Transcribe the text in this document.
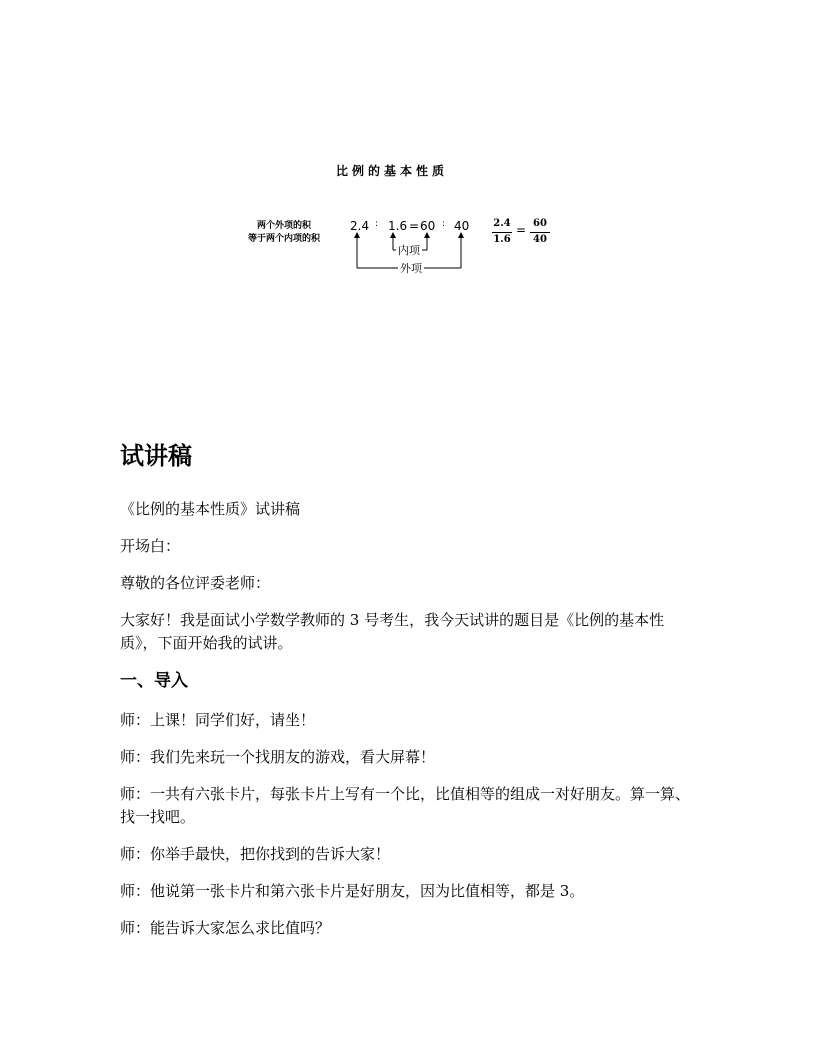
比例的基本性质
两个外项的积
等于两个内项的积
2.4 : 1.6 = 60 : 40
内项
外项
2.4
1.6
= 60
40
试讲稿

《比例的基本性质》试讲稿

开场白：

尊敬的各位评委老师：

大家好！我是面试小学数学教师的 3 号考生，我今天试讲的题目是《比例的基本性质》，下面开始我的试讲。

一、导入

师：上课！同学们好，请坐！

师：我们先来玩一个找朋友的游戏，看大屏幕！

师：一共有六张卡片，每张卡片上写有一个比，比值相等的组成一对好朋友。算一算、找一找吧。

师：你举手最快，把你找到的告诉大家！

师：他说第一张卡片和第六张卡片是好朋友，因为比值相等，都是 3。

师：能告诉大家怎么求比值吗？
